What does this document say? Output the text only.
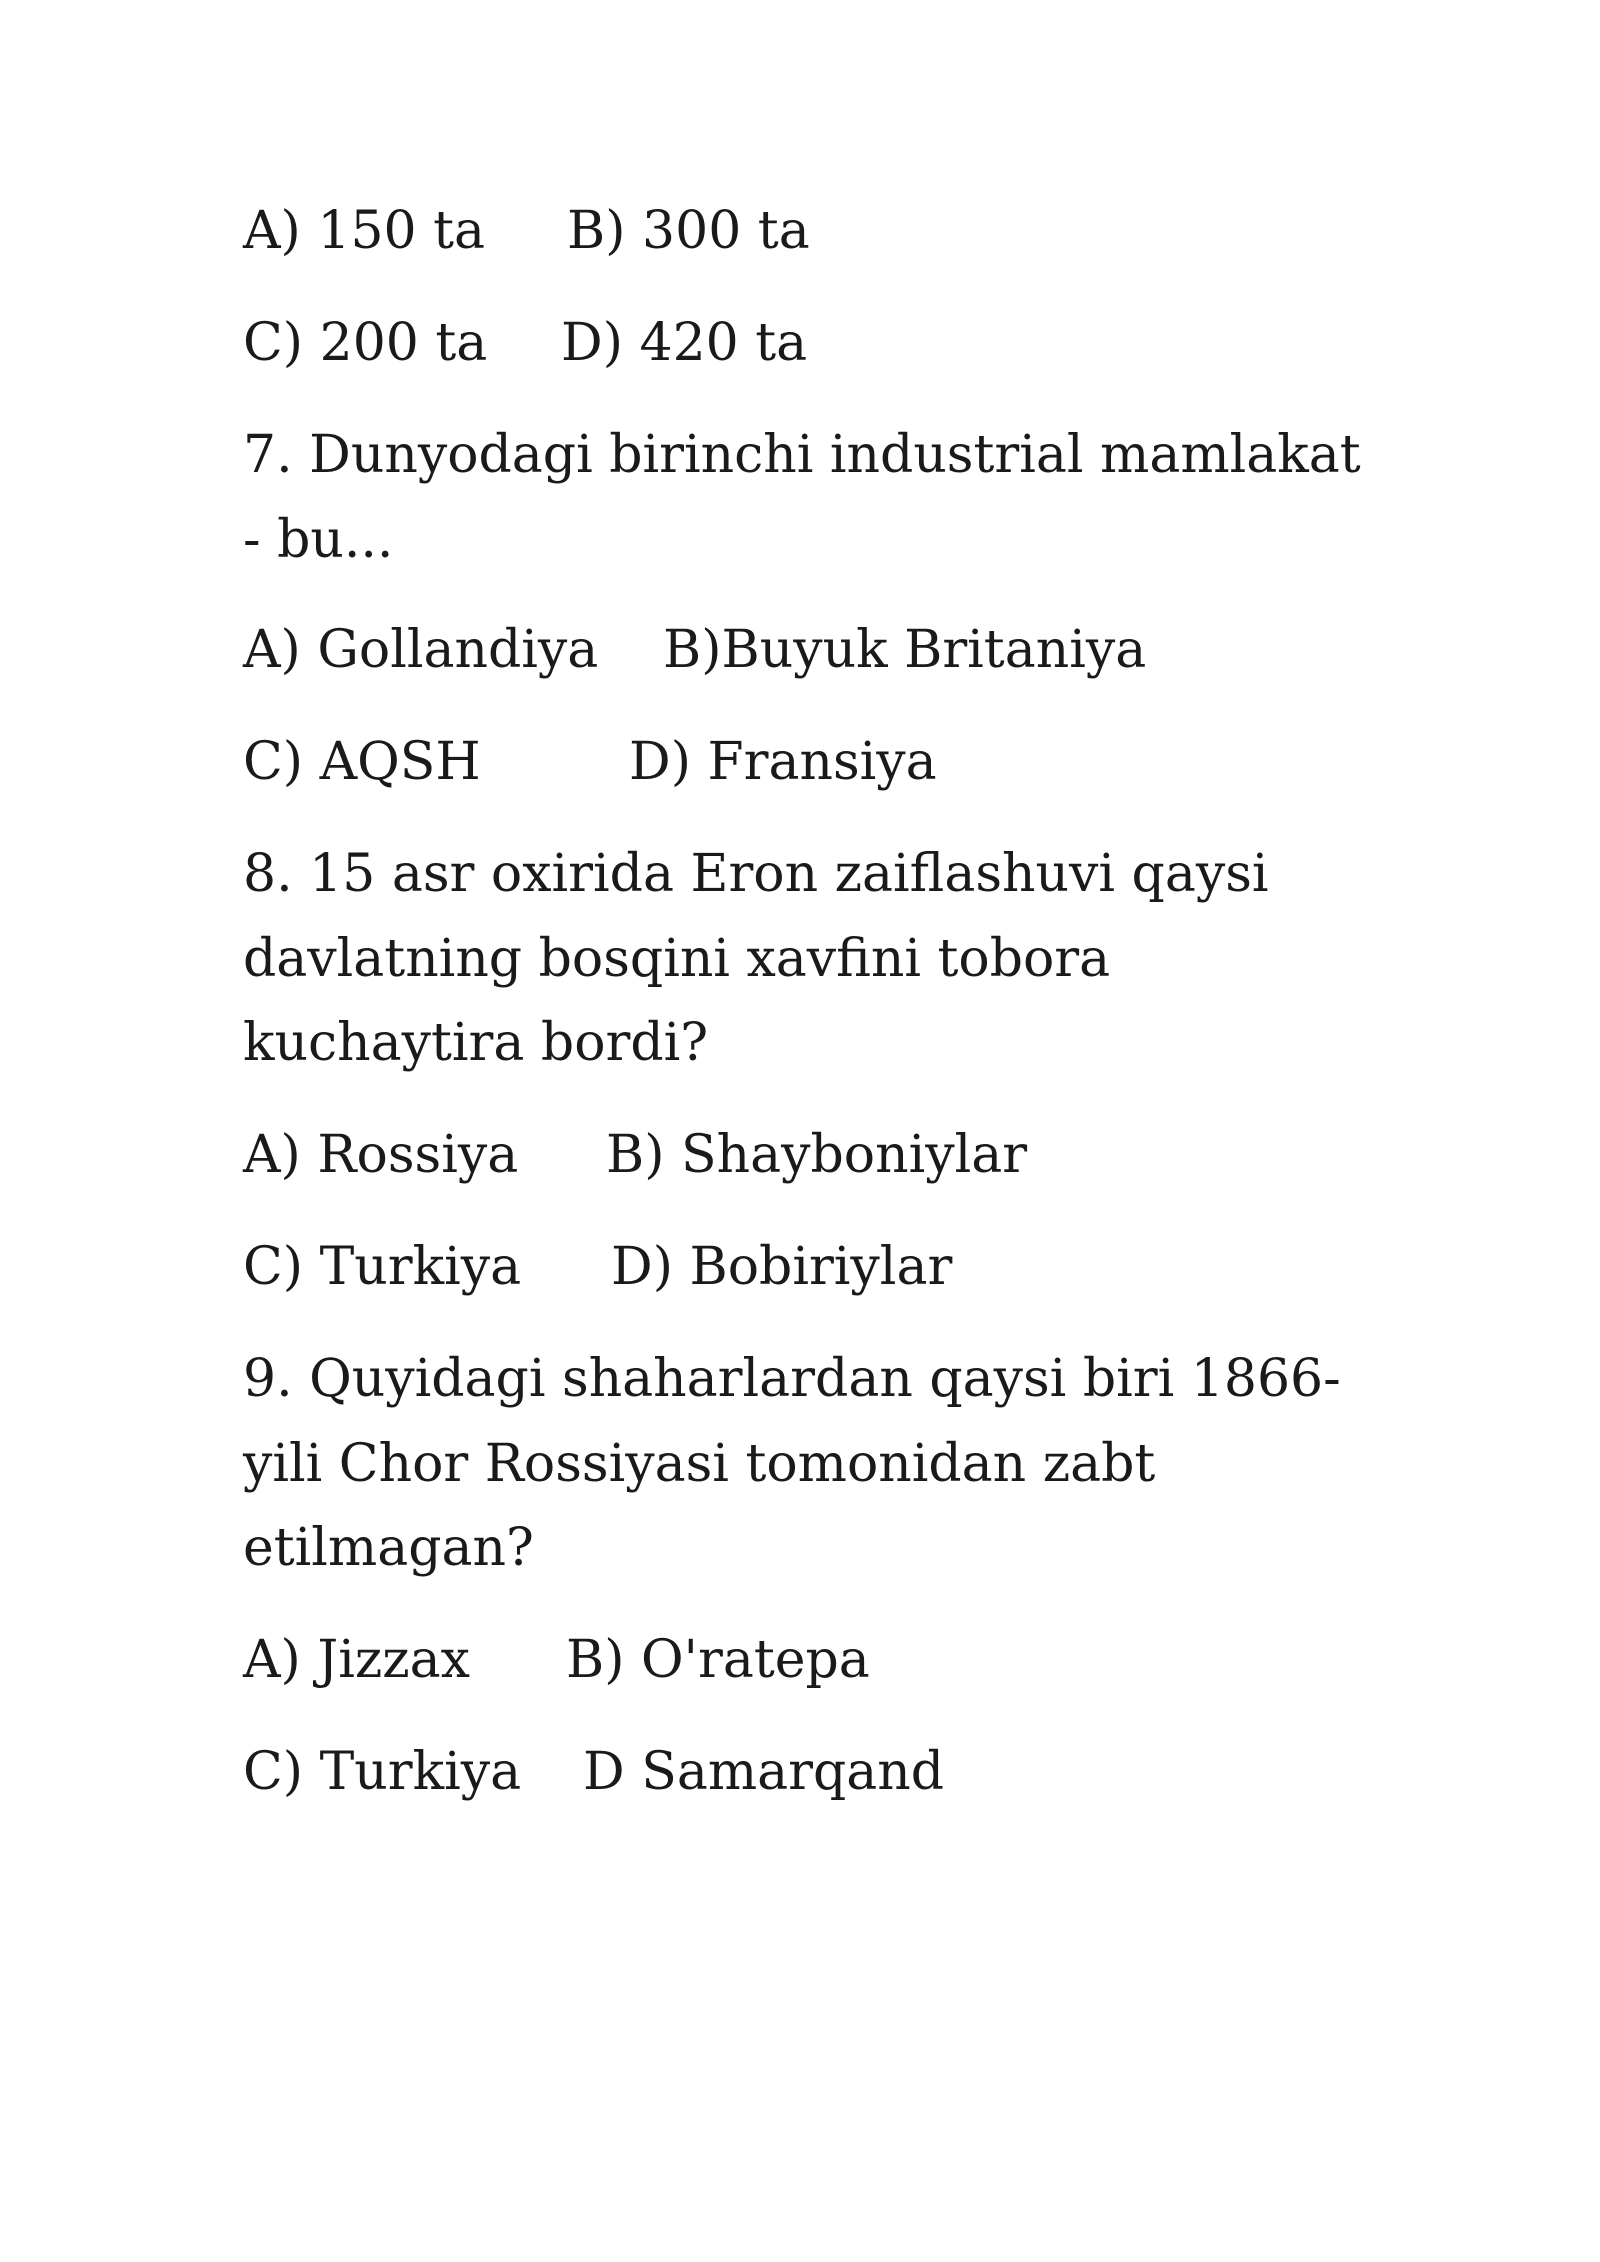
A) 150 ta B) 300 ta
C) 200 ta D) 420 ta
7. Dunyodagi birinchi industrial mamlakat
- bu...
A) Gollandiya B)Buyuk Britaniya
C) AQSH	D) Fransiya
8. 15 asr oxirida Eron zaiflashuvi qaysi
davlatning bosqini xavfini tobora
kuchaytira bordi?
A) Rossiya B) Shayboniylar
C) Turkiya D) Bobiriylar
9. Quyidagi shaharlardan qaysi biri 1866-
yili Chor Rossiyasi tomonidan zabt
etilmagan?
A) Jizzax B) O'ratepa
C) Turkiya D Samarqand
